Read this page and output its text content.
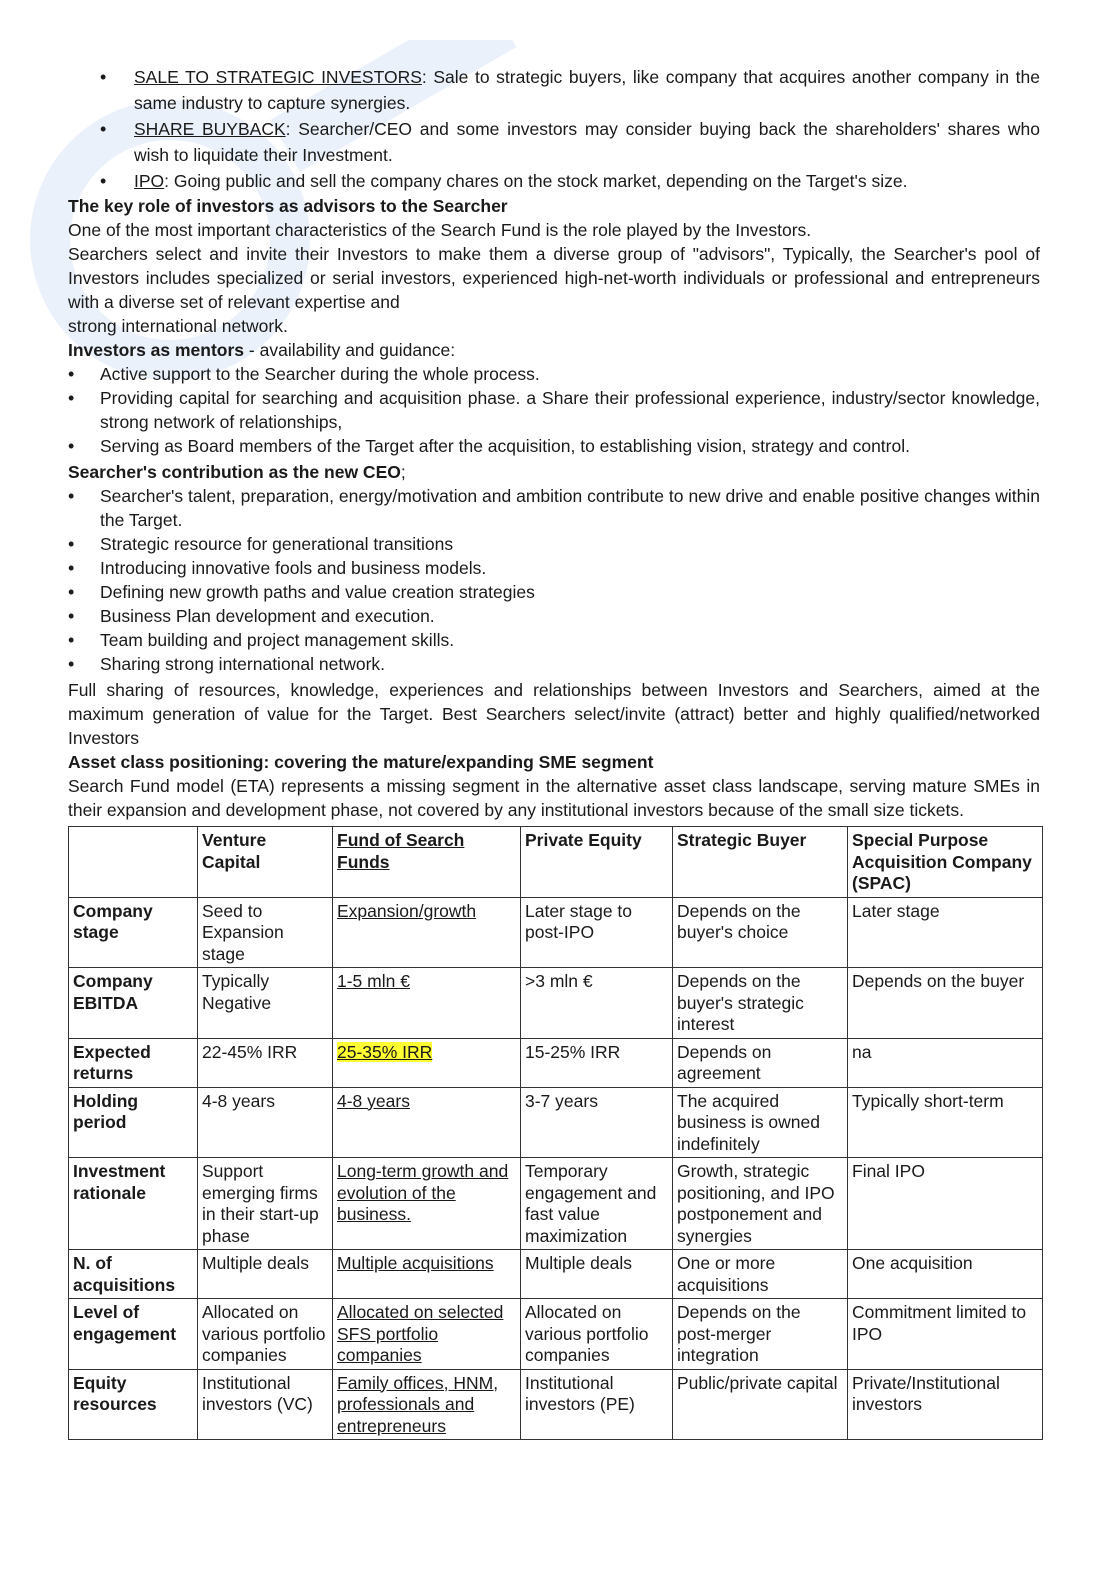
• SALE TO STRATEGIC INVESTORS: Sale to strategic buyers, like company that acquires another company in the same industry to capture synergies.
• SHARE BUYBACK: Searcher/CEO and some investors may consider buying back the shareholders' shares who wish to liquidate their Investment.
• IPO: Going public and sell the company chares on the stock market, depending on the Target's size.
The key role of investors as advisors to the Searcher

One of the most important characteristics of the Search Fund is the role played by the Investors.

Searchers select and invite their Investors to make them a diverse group of "advisors", Typically, the Searcher's pool of Investors includes specialized or serial investors, experienced high-net-worth individuals or professional and entrepreneurs with a diverse set of relevant expertise and

strong international network.

Investors as mentors - availability and guidance:

• Active support to the Searcher during the whole process.
• Providing capital for searching and acquisition phase. a Share their professional experience, industry/sector knowledge, strong network of relationships,
• Serving as Board members of the Target after the acquisition, to establishing vision, strategy and control.

Searcher's contribution as the new CEO;

• Searcher's talent, preparation, energy/motivation and ambition contribute to new drive and enable positive changes within the Target.
• Strategic resource for generational transitions
• Introducing innovative fools and business models.
• Defining new growth paths and value creation strategies
• Business Plan development and execution.
• Team building and project management skills.
• Sharing strong international network.

Full sharing of resources, knowledge, experiences and relationships between Investors and Searchers, aimed at the maximum generation of value for the Target. Best Searchers select/invite (attract) better and highly qualified/networked Investors

Asset class positioning: covering the mature/expanding SME segment

Search Fund model (ETA) represents a missing segment in the alternative asset class landscape, serving mature SMEs in their expansion and development phase, not covered by any institutional investors because of the small size tickets.

	Venture Capital	Fund of Search Funds	Private Equity	Strategic Buyer	Special Purpose Acquisition Company (SPAC)
Company stage	Seed to Expansion stage	Expansion/growth	Later stage to post-IPO	Depends on the buyer's choice	Later stage
Company EBITDA	Typically Negative	1-5 mln €	>3 mln €	Depends on the buyer's strategic interest	Depends on the buyer
Expected returns	22-45% IRR	25-35% IRR	15-25% IRR	Depends on agreement	na
Holding period	4-8 years	4-8 years	3-7 years	The acquired business is owned indefinitely	Typically short-term
Investment rationale	Support emerging firms in their start-up phase	Long-term growth and evolution of the business.	Temporary engagement and fast value maximization	Growth, strategic positioning, and IPO postponement and synergies	Final IPO
N. of acquisitions	Multiple deals	Multiple acquisitions	Multiple deals	One or more acquisitions	One acquisition
Level of engagement	Allocated on various portfolio companies	Allocated on selected SFS portfolio companies	Allocated on various portfolio companies	Depends on the post-merger integration	Commitment limited to IPO
Equity resources	Institutional investors (VC)	Family offices, HNM, professionals and entrepreneurs	Institutional investors (PE)	Public/private capital	Private/Institutional investors
